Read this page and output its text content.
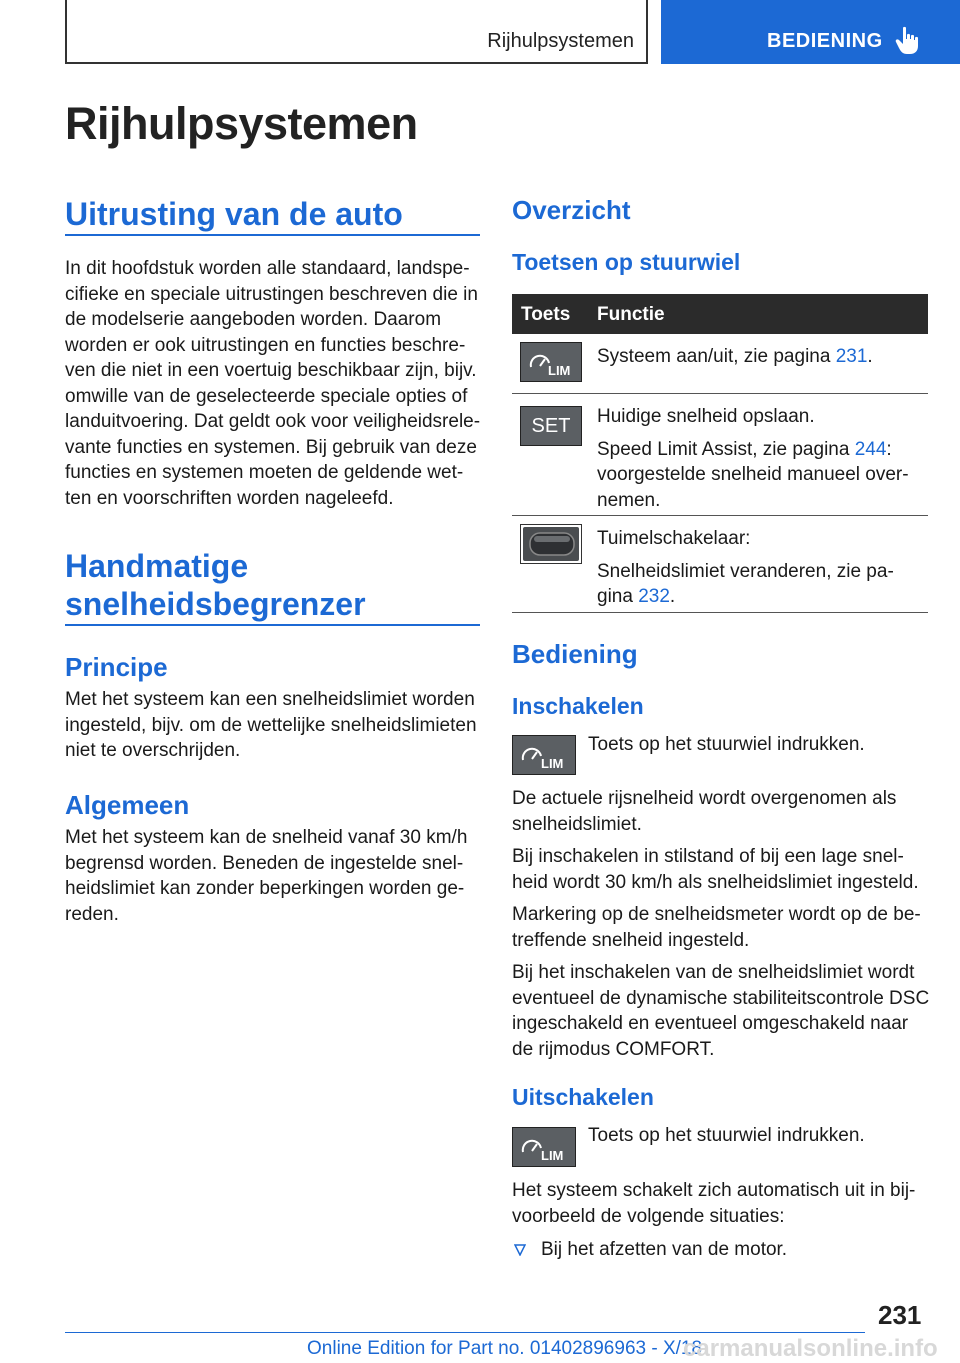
Rijhulpsystemen	BEDIENING
Rijhulpsystemen
Uitrusting van de auto
In dit hoofdstuk worden alle standaard, landspe-cifieke en speciale uitrustingen beschreven die in de modelserie aangeboden worden. Daarom worden er ook uitrustingen en functies beschre-ven die niet in een voertuig beschikbaar zijn, bijv. omwille van de geselecteerde speciale opties of landuitvoering. Dat geldt ook voor veiligheidsrele-vante functies en systemen. Bij gebruik van deze functies en systemen moeten de geldende wet-ten en voorschriften worden nageleefd.
Handmatige
snelheidsbegrenzer
Principe
Met het systeem kan een snelheidslimiet worden ingesteld, bijv. om de wettelijke snelheidslimieten niet te overschrijden.
Algemeen
Met het systeem kan de snelheid vanaf 30 km/h begrensd worden. Beneden de ingestelde snel-heidslimiet kan zonder beperkingen worden ge-reden.
Overzicht
Toetsen op stuurwiel
Toets Functie
LIM
Systeem aan/uit, zie pagina 231.
SET	Huidige snelheid opslaan.
Speed Limit Assist, zie pagina 244: voorgestelde snelheid manueel over-nemen.
Tuimelschakelaar:
Snelheidslimiet veranderen, zie pa-gina 232.
Bediening
Inschakelen
LIM
Toets op het stuurwiel indrukken.
De actuele rijsnelheid wordt overgenomen als snelheidslimiet.
Bij inschakelen in stilstand of bij een lage snel-heid wordt 30 km/h als snelheidslimiet ingesteld.
Markering op de snelheidsmeter wordt op de be-treffende snelheid ingesteld.
Bij het inschakelen van de snelheidslimiet wordt eventueel de dynamische stabiliteitscontrole DSC ingeschakeld en eventueel omgeschakeld naar de rijmodus COMFORT.
Uitschakelen
LIM
Toets op het stuurwiel indrukken.
Het systeem schakelt zich automatisch uit in bij-voorbeeld de volgende situaties:
Bij het afzetten van de motor.
231
Online Edition for Part no. 01402896963 - X/18
carmanualsonline.info
